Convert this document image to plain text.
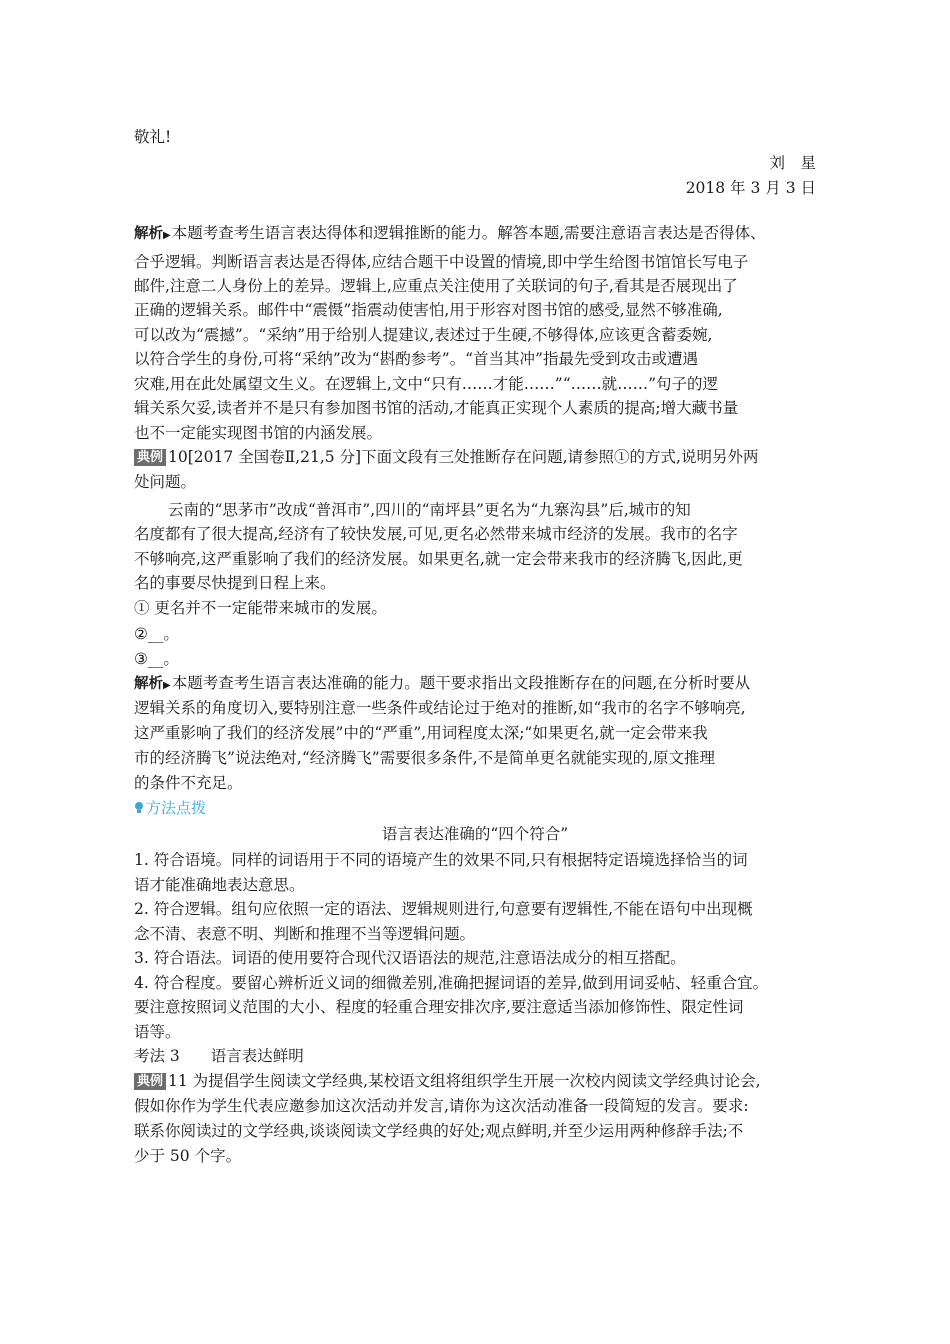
敬礼!
刘　星
2018 年 3 月 3 日
解析▶本题考查考生语言表达得体和逻辑推断的能力。解答本题,需要注意语言表达是否得体、
合乎逻辑。判断语言表达是否得体,应结合题干中设置的情境,即中学生给图书馆馆长写电子
邮件,注意二人身份上的差异。逻辑上,应重点关注使用了关联词的句子,看其是否展现出了
正确的逻辑关系。邮件中“震慑”指震动使害怕,用于形容对图书馆的感受,显然不够准确,
可以改为“震撼”。“采纳”用于给别人提建议,表述过于生硬,不够得体,应该更含蓄委婉,
以符合学生的身份,可将“采纳”改为“斟酌参考”。“首当其冲”指最先受到攻击或遭遇
灾难,用在此处属望文生义。在逻辑上,文中“只有……才能……”“……就……”句子的逻
辑关系欠妥,读者并不是只有参加图书馆的活动,才能真正实现个人素质的提高;增大藏书量
也不一定能实现图书馆的内涵发展。
典例 10[2017 全国卷Ⅱ,21,5 分]下面文段有三处推断存在问题,请参照①的方式,说明另外两
处问题。
云南的“思茅市”改成“普洱市”,四川的“南坪县”更名为“九寨沟县”后,城市的知
名度都有了很大提高,经济有了较快发展,可见,更名必然带来城市经济的发展。我市的名字
不够响亮,这严重影响了我们的经济发展。如果更名,就一定会带来我市的经济腾飞,因此,更
名的事要尽快提到日程上来。
① 更名并不一定能带来城市的发展。
②__。
③__。
解析▶本题考查考生语言表达准确的能力。题干要求指出文段推断存在的问题,在分析时要从
逻辑关系的角度切入,要特别注意一些条件或结论过于绝对的推断,如“我市的名字不够响亮,
这严重影响了我们的经济发展”中的“严重”,用词程度太深;“如果更名,就一定会带来我
市的经济腾飞”说法绝对,“经济腾飞”需要很多条件,不是简单更名就能实现的,原文推理
的条件不充足。
方法点拨
语言表达准确的“四个符合”
1. 符合语境。同样的词语用于不同的语境产生的效果不同,只有根据特定语境选择恰当的词
语才能准确地表达意思。
2. 符合逻辑。组句应依照一定的语法、逻辑规则进行,句意要有逻辑性,不能在语句中出现概
念不清、表意不明、判断和推理不当等逻辑问题。
3. 符合语法。词语的使用要符合现代汉语语法的规范,注意语法成分的相互搭配。
4. 符合程度。要留心辨析近义词的细微差别,准确把握词语的差异,做到用词妥帖、轻重合宜。
要注意按照词义范围的大小、程度的轻重合理安排次序,要注意适当添加修饰性、限定性词
语等。
考法 3　　语言表达鲜明
典例 11 为提倡学生阅读文学经典,某校语文组将组织学生开展一次校内阅读文学经典讨论会,
假如你作为学生代表应邀参加这次活动并发言,请你为这次活动准备一段简短的发言。要求:
联系你阅读过的文学经典,谈谈阅读文学经典的好处;观点鲜明,并至少运用两种修辞手法;不
少于 50 个字。
